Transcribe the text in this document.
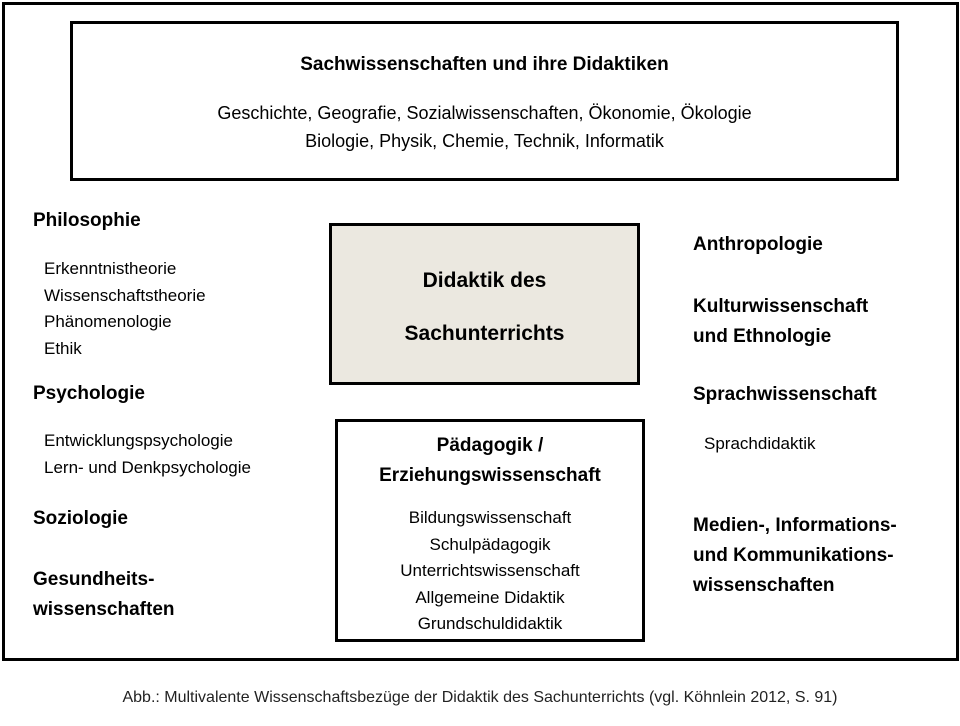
Sachwissenschaften und ihre Didaktiken
Geschichte, Geografie, Sozialwissenschaften, Ökonomie, Ökologie
Biologie, Physik, Chemie, Technik, Informatik
Didaktik des
Sachunterrichts
Pädagogik /
Erziehungswissenschaft
Bildungswissenschaft
Schulpädagogik
Unterrichtswissenschaft
Allgemeine Didaktik
Grundschuldidaktik
Philosophie
Erkenntnistheorie
Wissenschaftstheorie
Phänomenologie
Ethik
Psychologie
Entwicklungspsychologie
Lern- und Denkpsychologie
Soziologie
Gesundheits-
wissenschaften
Anthropologie
Kulturwissenschaft
und Ethnologie
Sprachwissenschaft
Sprachdidaktik
Medien-, Informations-
und Kommunikations-
wissenschaften
Abb.: Multivalente Wissenschaftsbezüge der Didaktik des Sachunterrichts (vgl. Köhnlein 2012, S. 91)
